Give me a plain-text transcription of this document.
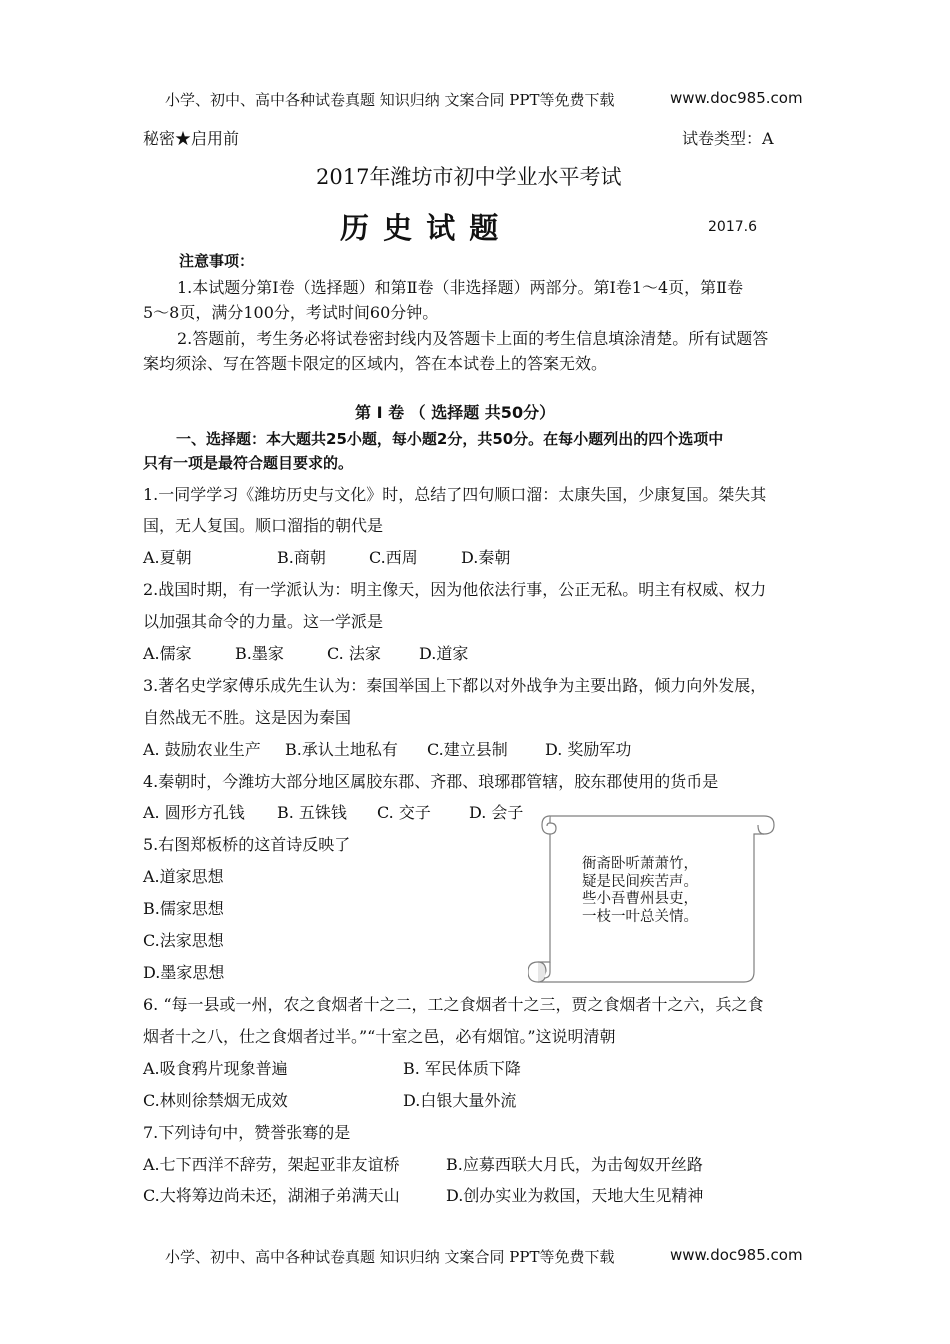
小学、初中、高中各种试卷真题 知识归纳 文案合同 PPT等免费下载	www.doc985.com
秘密★启用前	试卷类型：A
2017年潍坊市初中学业水平考试
历 史 试 题	2017.6
注意事项：
1.本试题分第Ⅰ卷（选择题）和第Ⅱ卷（非选择题）两部分。第Ⅰ卷1～4页，第Ⅱ卷
5～8页，满分100分，考试时间60分钟。
2.答题前，考生务必将试卷密封线内及答题卡上面的考生信息填涂清楚。所有试题答
案均须涂、写在答题卡限定的区域内，答在本试卷上的答案无效。
第 Ⅰ 卷 （ 选择题 共50分）
一、选择题：本大题共25小题，每小题2分，共50分。在每小题列出的四个选项中
只有一项是最符合题目要求的。
1.一同学学习《潍坊历史与文化》时，总结了四句顺口溜：太康失国，少康复国。桀失其
国，无人复国。顺口溜指的朝代是
A.夏朝	B.商朝	C.西周	D.秦朝
2.战国时期，有一学派认为：明主像天，因为他依法行事，公正无私。明主有权威、权力
以加强其命令的力量。这一学派是
A.儒家	B.墨家	C. 法家 D.道家
3.著名史学家傅乐成先生认为：秦国举国上下都以对外战争为主要出路，倾力向外发展，
自然战无不胜。这是因为秦国
A. 鼓励农业生产 B.承认土地私有 C.建立县制 D. 奖励军功
4.秦朝时，今潍坊大部分地区属胶东郡、齐郡、琅琊郡管辖，胶东郡使用的货币是
A. 圆形方孔钱 B. 五铢钱 C. 交子 D. 会子
5.右图郑板桥的这首诗反映了
A.道家思想
B.儒家思想
C.法家思想
D.墨家思想
衙斋卧听萧萧竹，
疑是民间疾苦声。
些小吾曹州县吏，
一枝一叶总关情。
6. “每一县或一州，农之食烟者十之二，工之食烟者十之三，贾之食烟者十之六，兵之食
烟者十之八，仕之食烟者过半。”“十室之邑，必有烟馆。”这说明清朝
A.吸食鸦片现象普遍	B. 军民体质下降
C.林则徐禁烟无成效	D.白银大量外流
7.下列诗句中，赞誉张骞的是
A.七下西洋不辞劳，架起亚非友谊桥	B.应募西联大月氏，为击匈奴开丝路
C.大将筹边尚未还，湖湘子弟满天山	D.创办实业为救国，天地大生见精神
小学、初中、高中各种试卷真题 知识归纳 文案合同 PPT等免费下载	www.doc985.com
